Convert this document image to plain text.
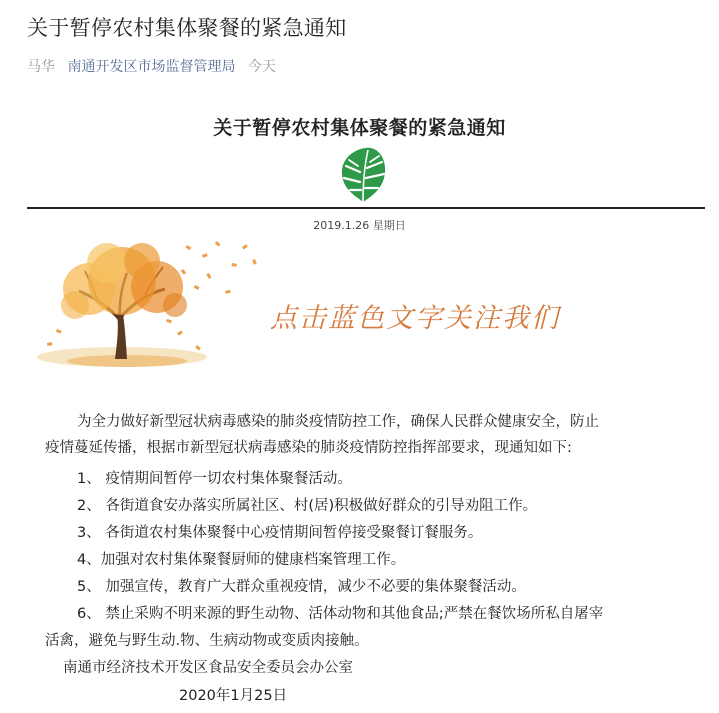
关于暂停农村集体聚餐的紧急通知
马华 南通开发区市场监督管理局 今天
关于暂停农村集体聚餐的紧急通知
2019.1.26 星期日
点击蓝色文字关注我们
为全力做好新型冠状病毒感染的肺炎疫情防控工作，确保人民群众健康安全，防止
疫情蔓延传播，根据市新型冠状病毒感染的肺炎疫情防控指挥部要求，现通知如下:
1、 疫情期间暂停一切农村集体聚餐活动。
2、 各街道食安办落实所属社区、村(居)积极做好群众的引导劝阻工作。
3、 各街道农村集体聚餐中心疫情期间暂停接受聚餐订餐服务。
4、加强对农村集体聚餐厨师的健康档案管理工作。
5、 加强宣传，教育广大群众重视疫情，减少不必要的集体聚餐活动。
6、 禁止采购不明来源的野生动物、活体动物和其他食品;严禁在餐饮场所私自屠宰
活禽，避免与野生动.物、生病动物或变质肉接触。
南通市经济技术开发区食品安全委员会办公室
2020年1月25日
